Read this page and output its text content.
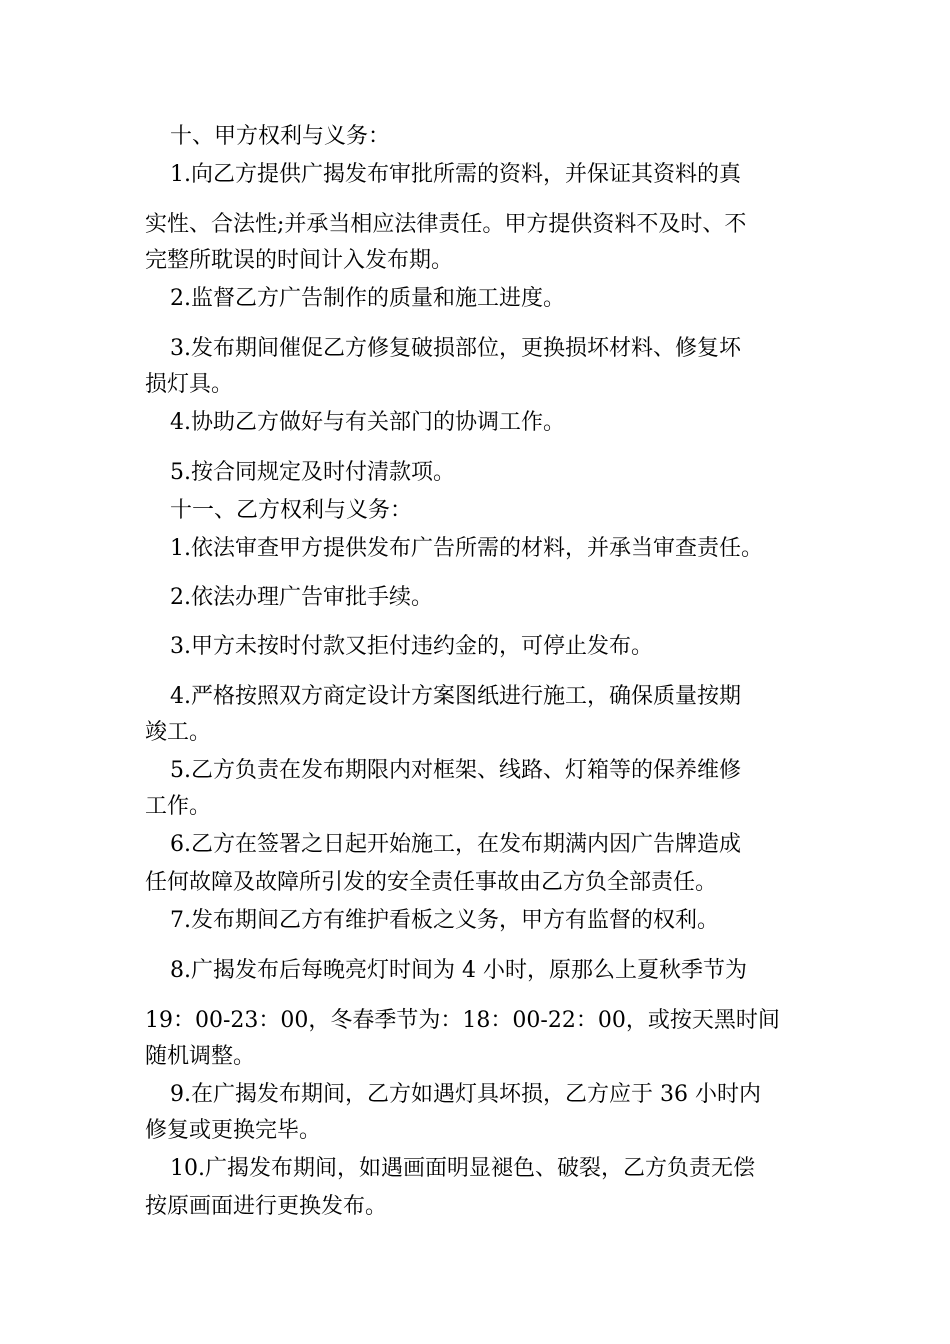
十、甲方权利与义务：
1.向乙方提供广揭发布审批所需的资料，并保证其资料的真
实性、合法性;并承当相应法律责任。甲方提供资料不及时、不
完整所耽误的时间计入发布期。
2.监督乙方广告制作的质量和施工进度。
3.发布期间催促乙方修复破损部位，更换损坏材料、修复坏
损灯具。
4.协助乙方做好与有关部门的协调工作。
5.按合同规定及时付清款项。
十一、乙方权利与义务：
1.依法审查甲方提供发布广告所需的材料，并承当审查责任。
2.依法办理广告审批手续。
3.甲方未按时付款又拒付违约金的，可停止发布。
4.严格按照双方商定设计方案图纸进行施工，确保质量按期
竣工。
5.乙方负责在发布期限内对框架、线路、灯箱等的保养维修
工作。
6.乙方在签署之日起开始施工，在发布期满内因广告牌造成
任何故障及故障所引发的安全责任事故由乙方负全部责任。
7.发布期间乙方有维护看板之义务，甲方有监督的权利。
8.广揭发布后每晚亮灯时间为 4 小时，原那么上夏秋季节为
19：00-23：00，冬春季节为：18：00-22：00，或按天黑时间
随机调整。
9.在广揭发布期间，乙方如遇灯具坏损，乙方应于 36 小时内
修复或更换完毕。
10.广揭发布期间，如遇画面明显褪色、破裂，乙方负责无偿
按原画面进行更换发布。
